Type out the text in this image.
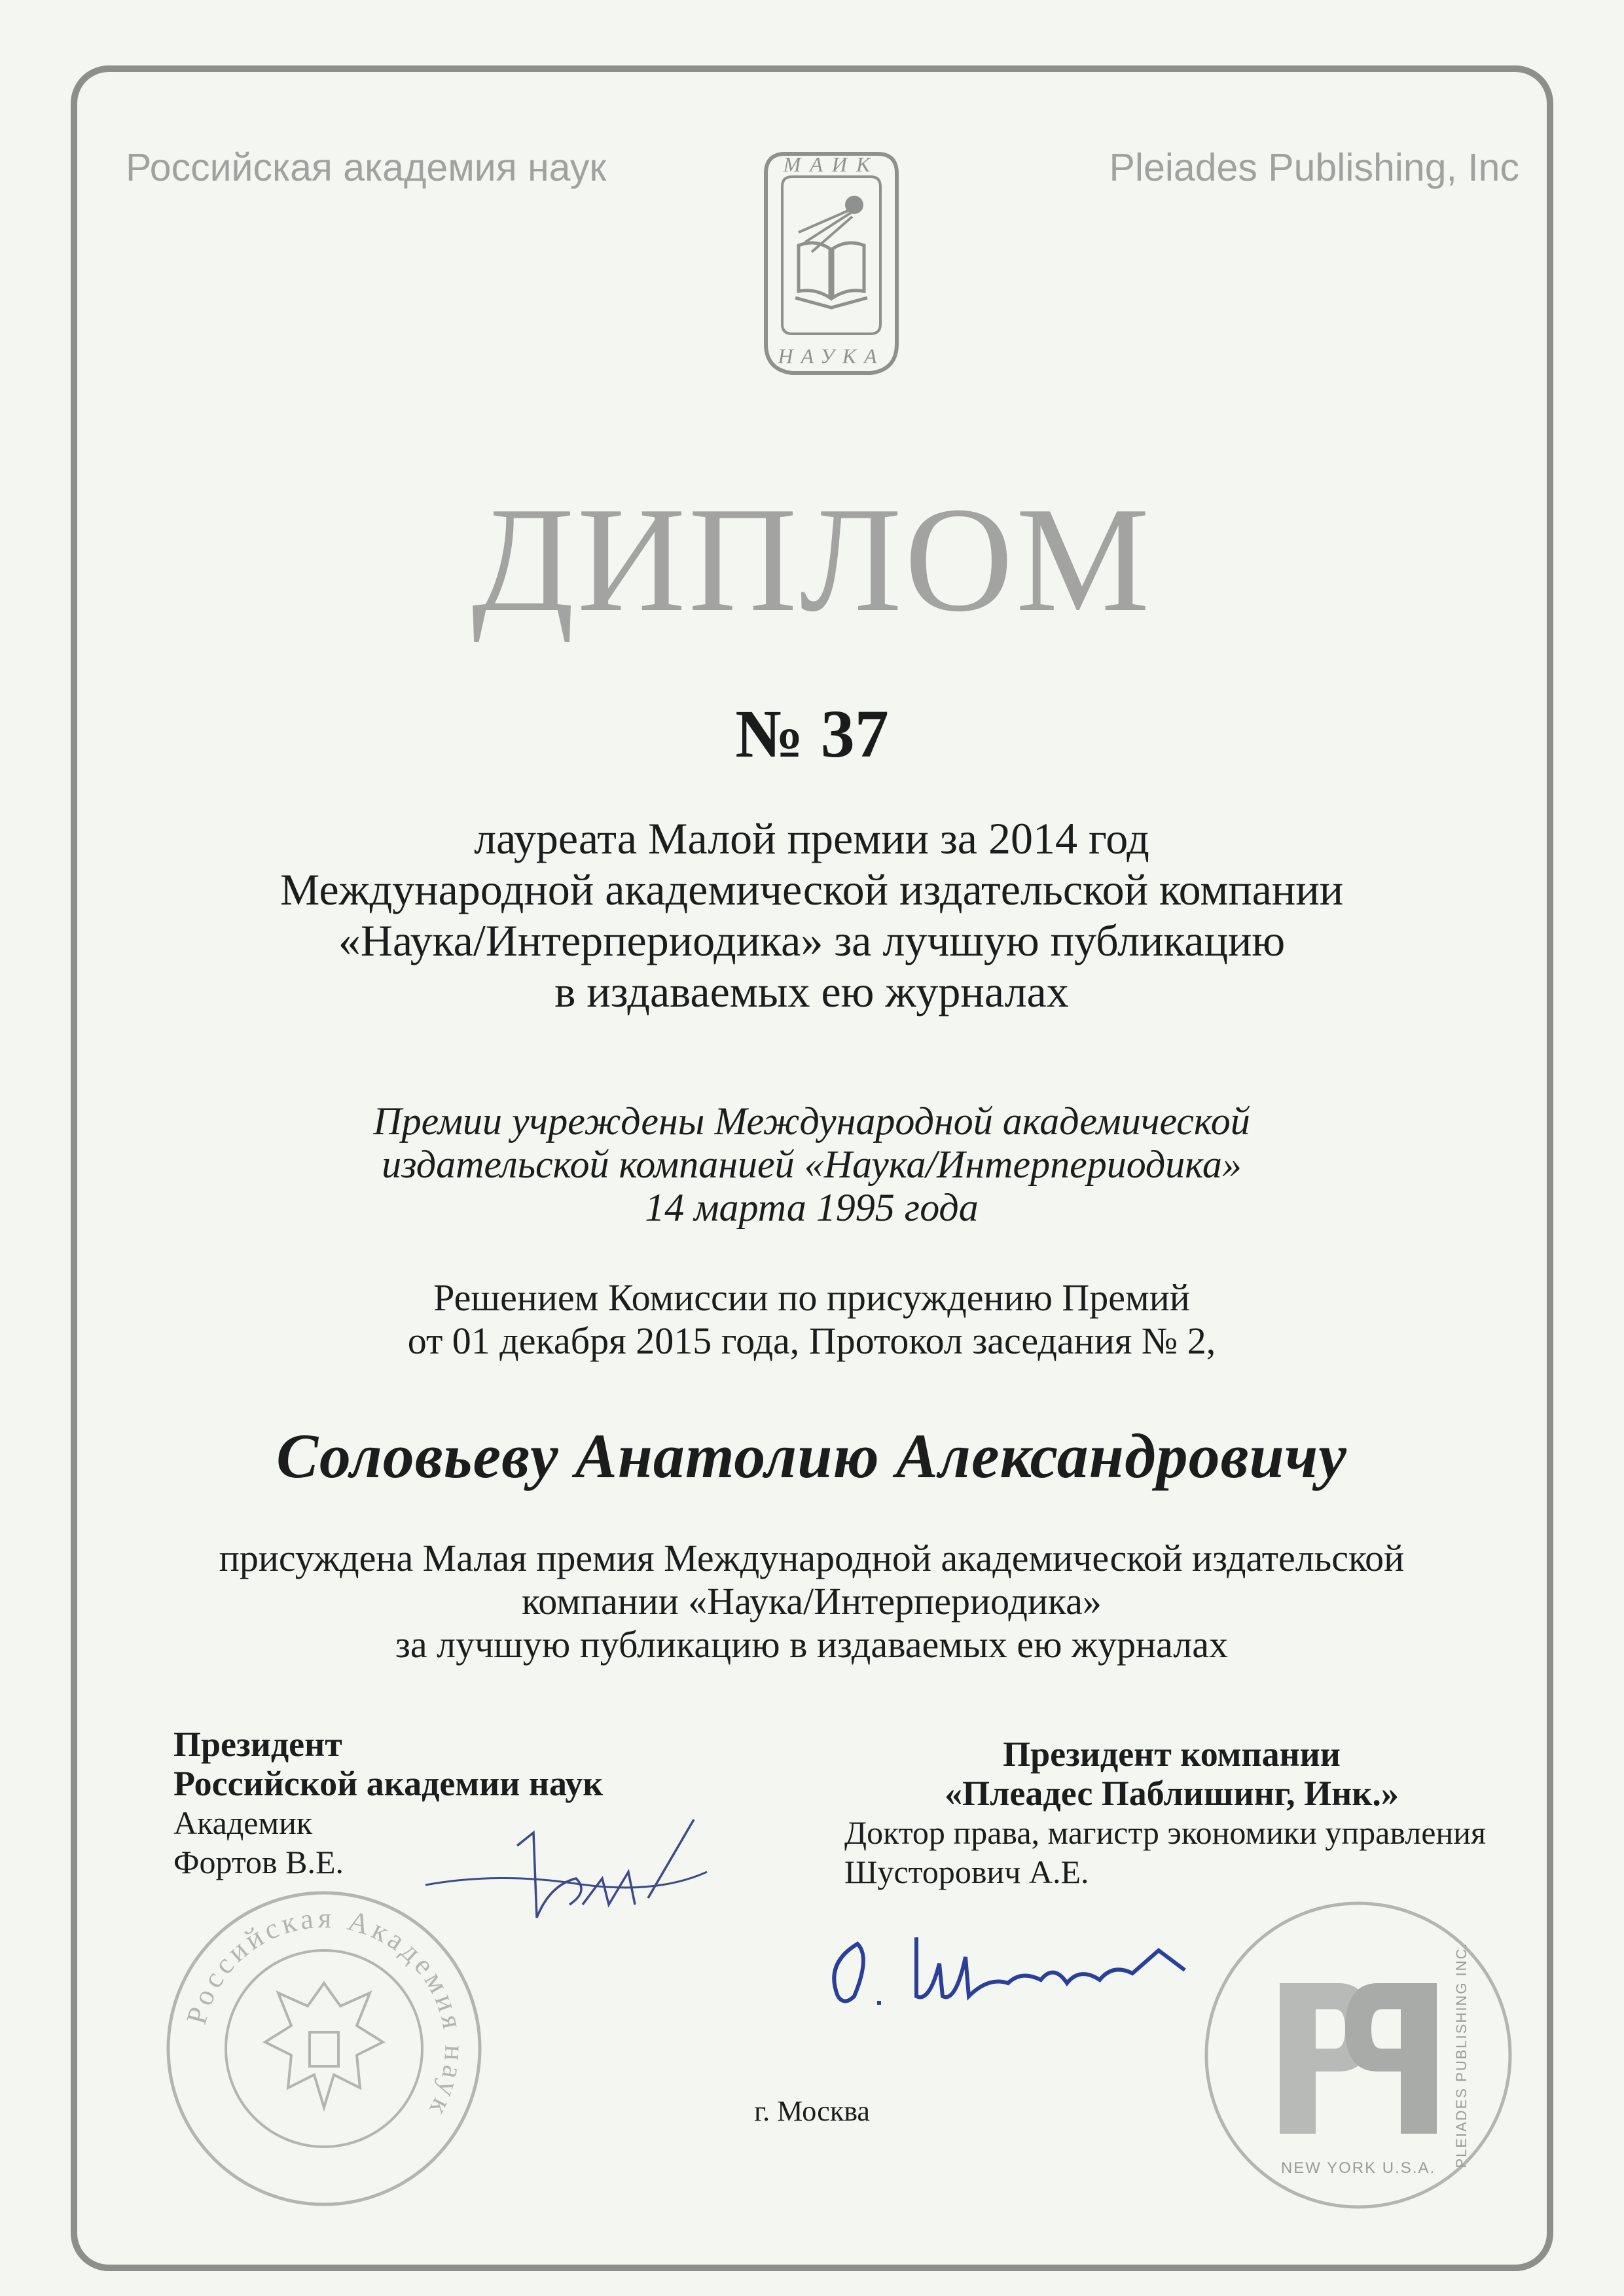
Российская академия наук	Pleiades Publishing, Inc
МАИК
НАУКА
ДИПЛОМ
№ 37
лауреата Малой премии за 2014 год
Международной академической издательской компании
«Наука/Интерпериодика» за лучшую публикацию
в издаваемых ею журналах
Премии учреждены Международной академической
издательской компанией «Наука/Интерпериодика»
14 марта 1995 года
Решением Комиссии по присуждению Премий
от 01 декабря 2015 года, Протокол заседания № 2,
Соловьеву Анатолию Александровичу
присуждена Малая премия Международной академической издательской
компании «Наука/Интерпериодика»
за лучшую публикацию в издаваемых ею журналах
Президент
Российской академии наук
Академик
Фортов В.Е.
Президент компании
«Плеадес Паблишинг, Инк.»
Доктор права, магистр экономики управления
Шусторович А.Е.
Российская Академия наук	PLEIADES PUBLISHING INC.
NEW YORK U.S.A.
г. Москва
